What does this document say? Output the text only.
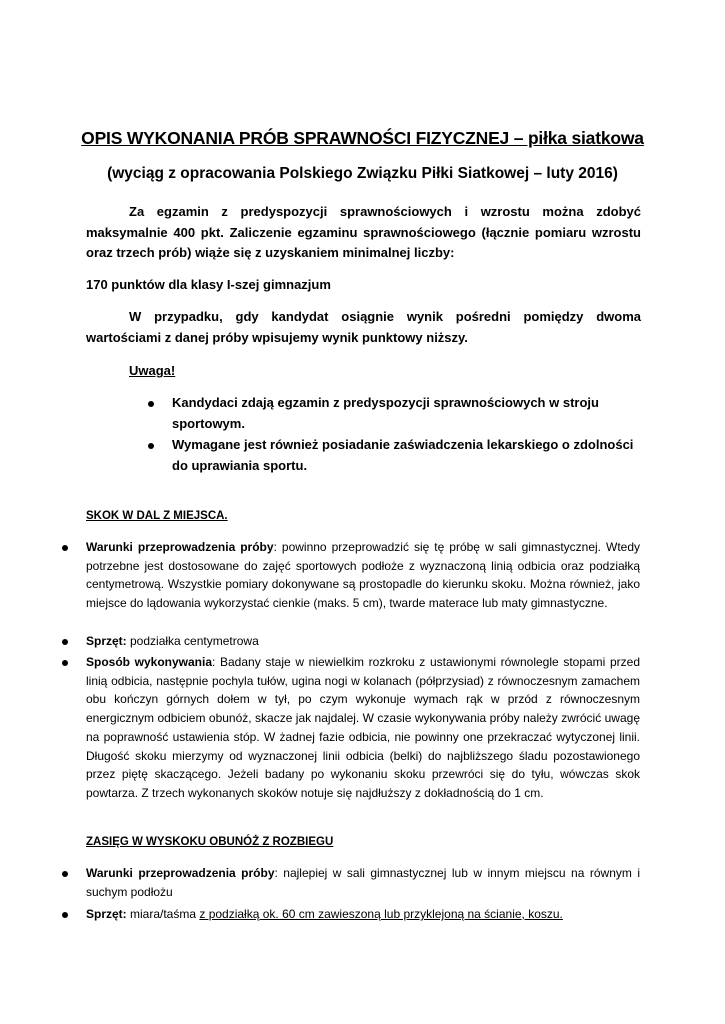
OPIS WYKONANIA PRÓB SPRAWNOŚCI FIZYCZNEJ – piłka siatkowa
(wyciąg z opracowania Polskiego Związku Piłki Siatkowej – luty 2016)
Za egzamin z predyspozycji sprawnościowych i wzrostu można zdobyć maksymalnie 400 pkt. Zaliczenie egzaminu sprawnościowego (łącznie pomiaru wzrostu oraz trzech prób) wiąże się z uzyskaniem minimalnej liczby:
170 punktów dla klasy I-szej gimnazjum
W przypadku, gdy kandydat osiągnie wynik pośredni pomiędzy dwoma wartościami z danej próby wpisujemy wynik punktowy niższy.
Uwaga!
Kandydaci zdają egzamin z predyspozycji sprawnościowych w stroju sportowym.
Wymagane jest również posiadanie zaświadczenia lekarskiego o zdolności do uprawiania sportu.
SKOK W DAL Z MIEJSCA.
Warunki przeprowadzenia próby: powinno przeprowadzić się tę próbę w sali gimnastycznej. Wtedy potrzebne jest dostosowane do zajęć sportowych podłoże z wyznaczoną linią odbicia oraz podziałką centymetrową. Wszystkie pomiary dokonywane są prostopadle do kierunku skoku. Można również, jako miejsce do lądowania wykorzystać cienkie (maks. 5 cm), twarde materace lub maty gimnastyczne.
Sprzęt: podziałka centymetrowa
Sposób wykonywania: Badany staje w niewielkim rozkroku z ustawionymi równolegle stopami przed linią odbicia, następnie pochyla tułów, ugina nogi w kolanach (półprzysiad) z równoczesnym zamachem obu kończyn górnych dołem w tył, po czym wykonuje wymach rąk w przód z równoczesnym energicznym odbiciem obunóż, skacze jak najdalej. W czasie wykonywania próby należy zwrócić uwagę na poprawność ustawienia stóp. W żadnej fazie odbicia, nie powinny one przekraczać wytyczonej linii. Długość skoku mierzymy od wyznaczonej linii odbicia (belki) do najbliższego śladu pozostawionego przez piętę skaczącego. Jeżeli badany po wykonaniu skoku przewróci się do tyłu, wówczas skok powtarza. Z trzech wykonanych skoków notuje się najdłuższy z dokładnością do 1 cm.
ZASIĘG W WYSKOKU OBUNÓŻ Z ROZBIEGU
Warunki przeprowadzenia próby: najlepiej w sali gimnastycznej lub w innym miejscu na równym i suchym podłożu
Sprzęt: miara/taśma z podziałką ok. 60 cm zawieszoną lub przyklejoną na ścianie, koszu.
